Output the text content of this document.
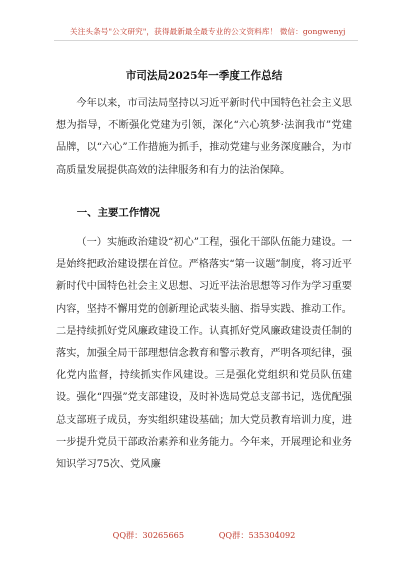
关注头条号"公文研究"，获得最新最全最专业的公文资料库！ 微信：gongwenyj
市司法局2025年一季度工作总结

今年以来，市司法局坚持以习近平新时代中国特色社会主义思想为指导，不断强化党建为引领，深化“六心筑梦·法润我市”党建品牌，以“六心”工作措施为抓手，推动党建与业务深度融合，为市高质量发展提供高效的法律服务和有力的法治保障。

一、主要工作情况

（一）实施政治建设“初心”工程，强化干部队伍能力建设。一是始终把政治建设摆在首位。严格落实“第一议题”制度，将习近平新时代中国特色社会主义思想、习近平法治思想等习作为学习重要内容，坚持不懈用党的创新理论武装头脑、指导实践、推动工作。二是持续抓好党风廉政建设工作。认真抓好党风廉政建设责任制的落实，加强全局干部理想信念教育和警示教育，严明各项纪律，强化党内监督，持续抓实作风建设。三是强化党组织和党员队伍建设。强化“四强”党支部建设，及时补选局党总支部书记，选优配强总支部班子成员，夯实组织建设基础；加大党员教育培训力度，进一步提升党员干部政治素养和业务能力。今年来，开展理论和业务知识学习75次、党风廉

QQ群：30265665	QQ群：535304092
